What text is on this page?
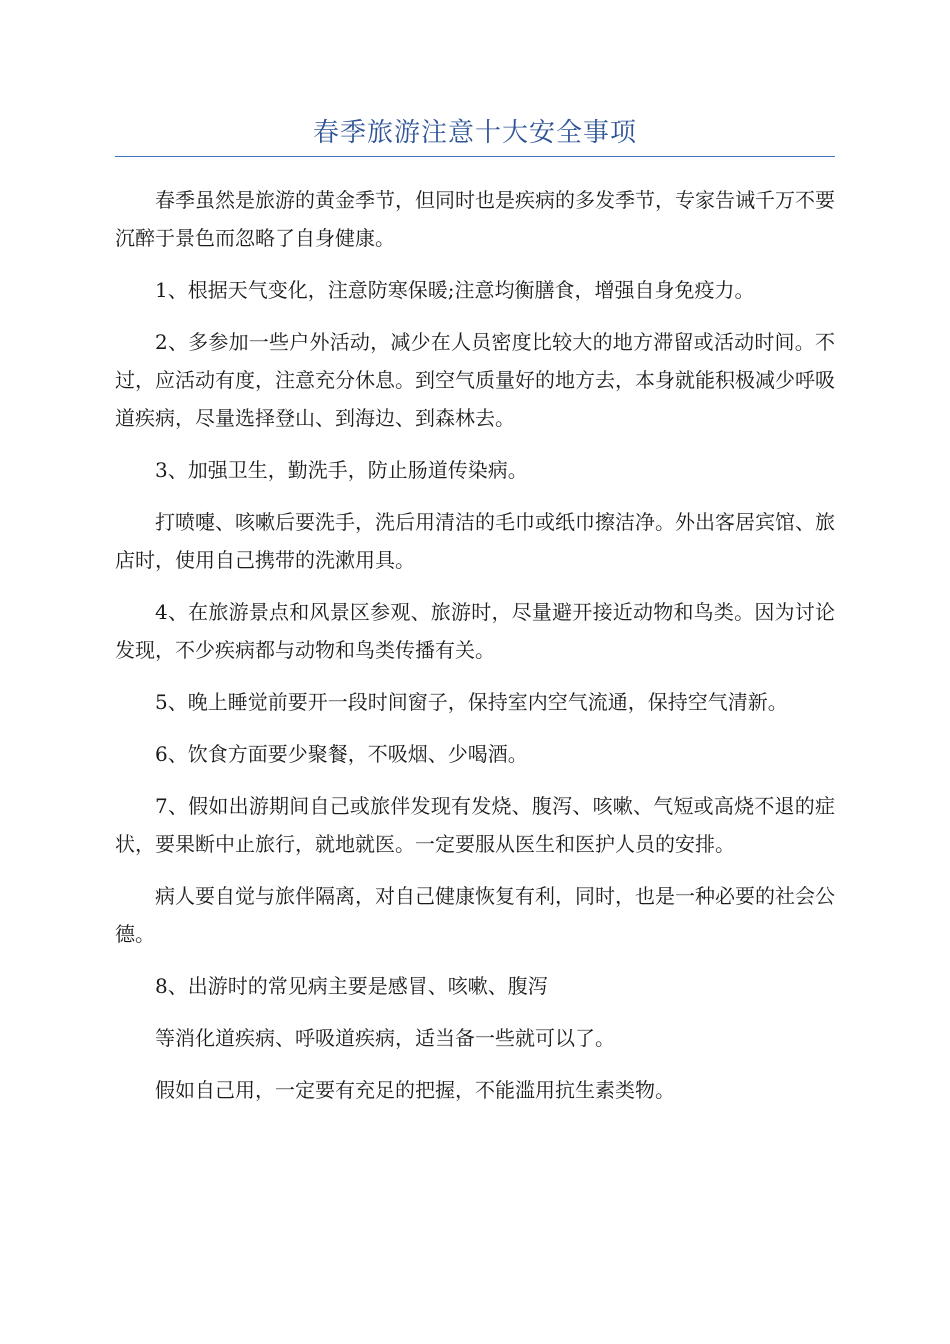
春季旅游注意十大安全事项

春季虽然是旅游的黄金季节，但同时也是疾病的多发季节，专家告诫千万不要沉醉于景色而忽略了自身健康。

1、根据天气变化，注意防寒保暖;注意均衡膳食，增强自身免疫力。

2、多参加一些户外活动，减少在人员密度比较大的地方滞留或活动时间。不过，应活动有度，注意充分休息。到空气质量好的地方去，本身就能积极减少呼吸道疾病，尽量选择登山、到海边、到森林去。

3、加强卫生，勤洗手，防止肠道传染病。

打喷嚏、咳嗽后要洗手，洗后用清洁的毛巾或纸巾擦洁净。外出客居宾馆、旅店时，使用自己携带的洗漱用具。

4、在旅游景点和风景区参观、旅游时，尽量避开接近动物和鸟类。因为讨论发现，不少疾病都与动物和鸟类传播有关。

5、晚上睡觉前要开一段时间窗子，保持室内空气流通，保持空气清新。

6、饮食方面要少聚餐，不吸烟、少喝酒。

7、假如出游期间自己或旅伴发现有发烧、腹泻、咳嗽、气短或高烧不退的症状，要果断中止旅行，就地就医。一定要服从医生和医护人员的安排。

病人要自觉与旅伴隔离，对自己健康恢复有利，同时，也是一种必要的社会公德。

8、出游时的常见病主要是感冒、咳嗽、腹泻

等消化道疾病、呼吸道疾病，适当备一些就可以了。

假如自己用，一定要有充足的把握，不能滥用抗生素类物。
